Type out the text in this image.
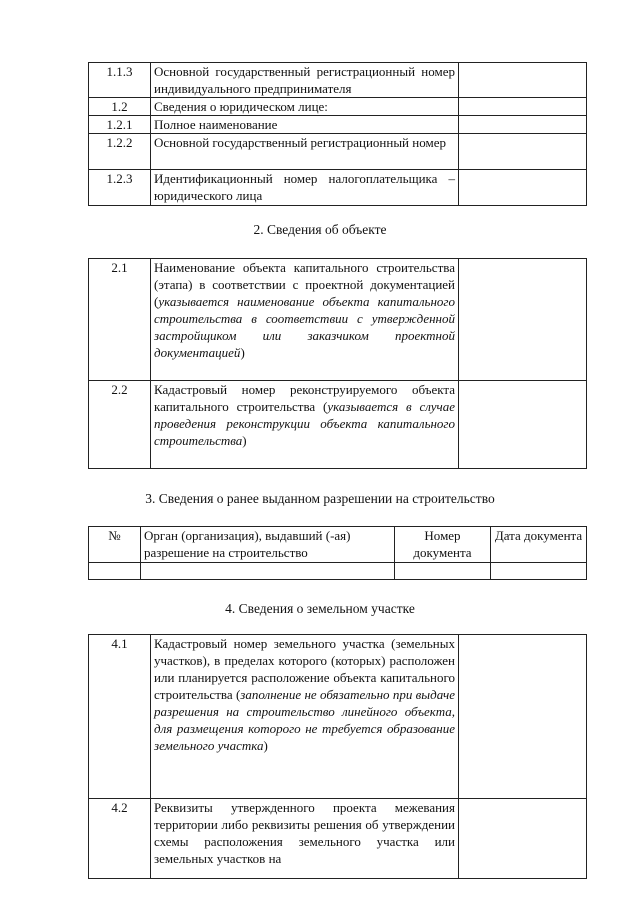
1.1.3	Основной государственный регистрационный номер индивидуального предпринимателя	
1.2	Сведения о юридическом лице:	
1.2.1	Полное наименование	
1.2.2	Основной государственный регистрационный номер	
1.2.3	Идентификационный номер налогоплательщика – юридического лица	
2. Сведения об объекте
2.1	Наименование объекта капитального строительства (этапа) в соответствии с проектной документацией (указывается наименование объекта капитального строительства в соответствии с утвержденной застройщиком или заказчиком проектной документацией)	
2.2	Кадастровый номер реконструируемого объекта капитального строительства (указывается в случае проведения реконструкции объекта капитального строительства)	
3. Сведения о ранее выданном разрешении на строительство
№	Орган (организация), выдавший (-ая) разрешение на строительство	Номер документа	Дата документа

4. Сведения о земельном участке
4.1	Кадастровый номер земельного участка (земельных участков), в пределах которого (которых) расположен или планируется расположение объекта капитального строительства (заполнение не обязательно при выдаче разрешения на строительство линейного объекта, для размещения которого не требуется образование земельного участка)	
4.2	Реквизиты утвержденного проекта межевания территории либо реквизиты решения об утверждении схемы расположения земельного участка или земельных участков на	
